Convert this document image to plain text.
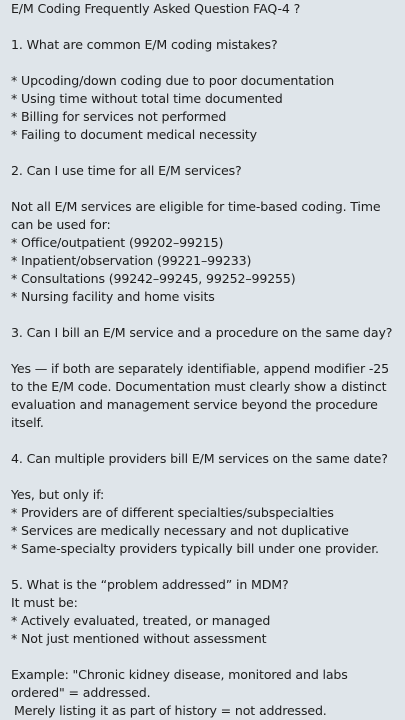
E/M Coding Frequently Asked Question FAQ-4 ?
1. What are common E/M coding mistakes?
* Upcoding/down coding due to poor documentation
* Using time without total time documented
* Billing for services not performed
* Failing to document medical necessity
2. Can I use time for all E/M services?
Not all E/M services are eligible for time-based coding. Time can be used for:
* Office/outpatient (99202–99215)
* Inpatient/observation (99221–99233)
* Consultations (99242–99245, 99252–99255)
* Nursing facility and home visits
3. Can I bill an E/M service and a procedure on the same day?
Yes — if both are separately identifiable, append modifier -25 to the E/M code. Documentation must clearly show a distinct evaluation and management service beyond the procedure itself.
4. Can multiple providers bill E/M services on the same date?
Yes, but only if:
* Providers are of different specialties/subspecialties
* Services are medically necessary and not duplicative
* Same-specialty providers typically bill under one provider.
5. What is the “problem addressed” in MDM?
It must be:
* Actively evaluated, treated, or managed
* Not just mentioned without assessment
Example: "Chronic kidney disease, monitored and labs ordered" = addressed.
Merely listing it as part of history = not addressed.
